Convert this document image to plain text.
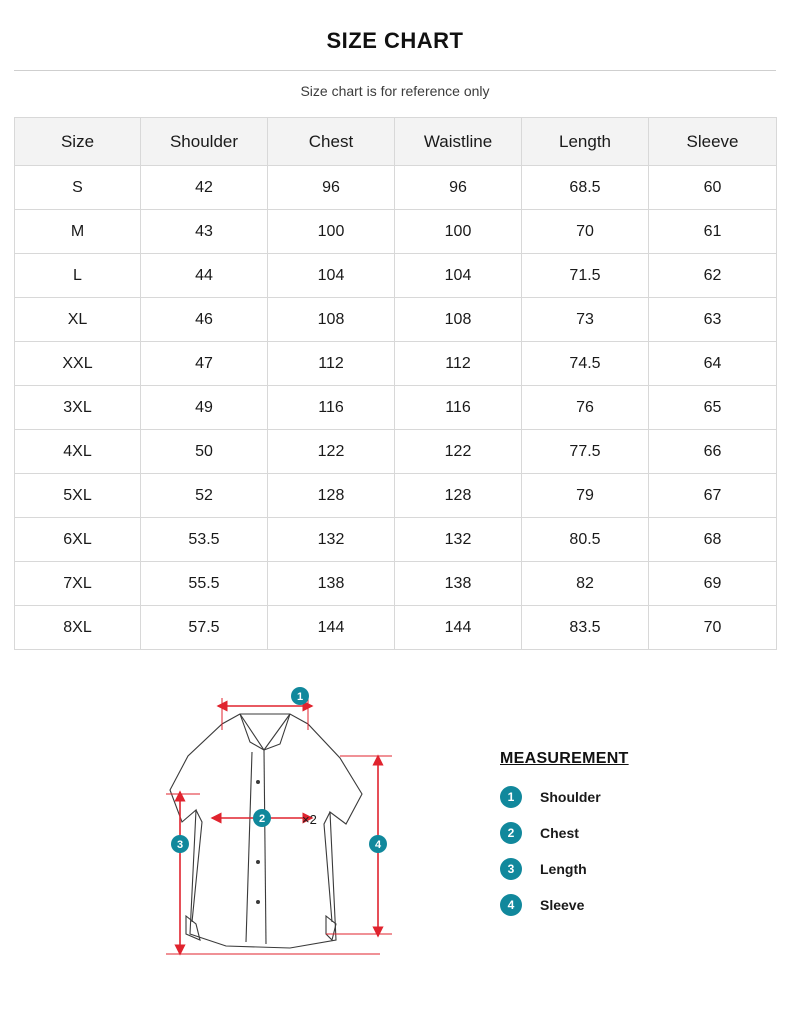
SIZE CHART

Size chart is for reference only

Size	Shoulder	Chest	Waistline	Length	Sleeve
S	42	96	96	68.5	60
M	43	100	100	70	61
L	44	104	104	71.5	62
XL	46	108	108	73	63
XXL	47	112	112	74.5	64
3XL	49	116	116	76	65
4XL	50	122	122	77.5	66
5XL	52	128	128	79	67
6XL	53.5	132	132	80.5	68
7XL	55.5	138	138	82	69
8XL	57.5	144	144	83.5	70
1
2
3	4
×2
MEASUREMENT
1	Shoulder
2	Chest
3	Length
4	Sleeve
